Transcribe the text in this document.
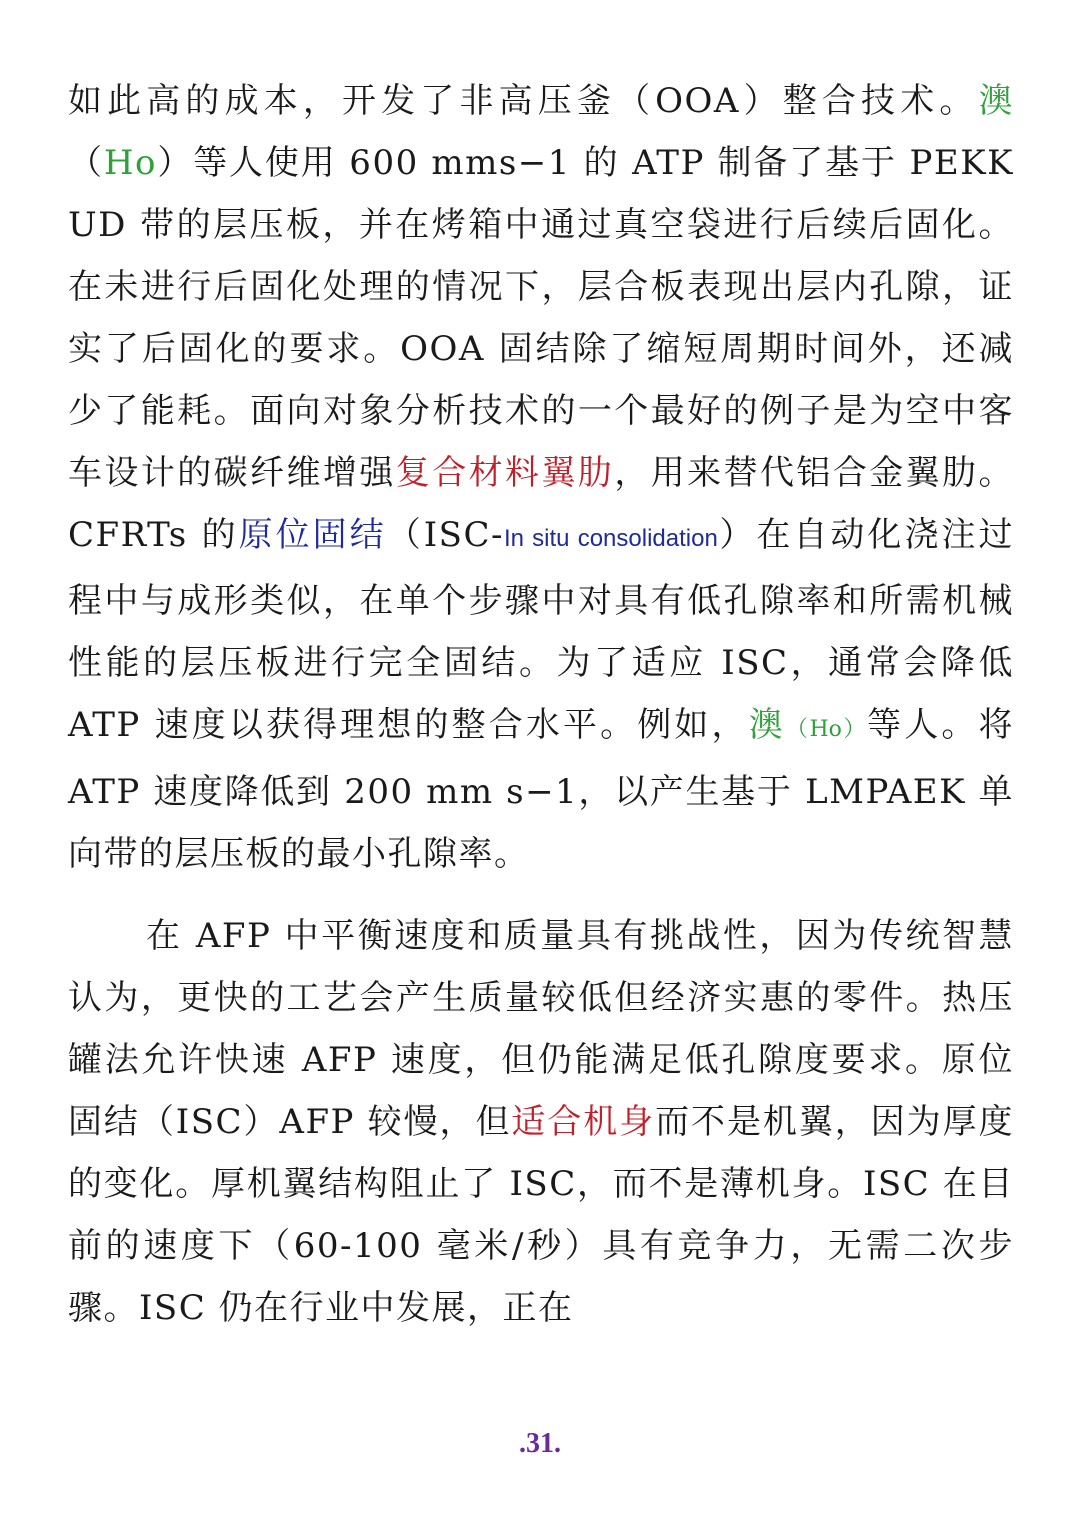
如此高的成本，开发了非高压釜（OOA）整合技术。澳（Ho）等人使用 600 mms−1 的 ATP 制备了基于 PEKK UD 带的层压板，并在烤箱中通过真空袋进行后续后固化。在未进行后固化处理的情况下，层合板表现出层内孔隙，证实了后固化的要求。OOA 固结除了缩短周期时间外，还减少了能耗。面向对象分析技术的一个最好的例子是为空中客车设计的碳纤维增强复合材料翼肋，用来替代铝合金翼肋。CFRTs 的原位固结（ISC-In situ consolidation）在自动化浇注过程中与成形类似，在单个步骤中对具有低孔隙率和所需机械性能的层压板进行完全固结。为了适应 ISC，通常会降低 ATP 速度以获得理想的整合水平。例如，澳（Ho）等人。将 ATP 速度降低到 200 mm s−1，以产生基于 LMPAEK 单向带的层压板的最小孔隙率。

在 AFP 中平衡速度和质量具有挑战性，因为传统智慧认为，更快的工艺会产生质量较低但经济实惠的零件。热压罐法允许快速 AFP 速度，但仍能满足低孔隙度要求。原位固结（ISC）AFP 较慢，但适合机身而不是机翼，因为厚度的变化。厚机翼结构阻止了 ISC，而不是薄机身。ISC 在目前的速度下（60-100 毫米/秒）具有竞争力，无需二次步骤。ISC 仍在行业中发展，正在

.31.
